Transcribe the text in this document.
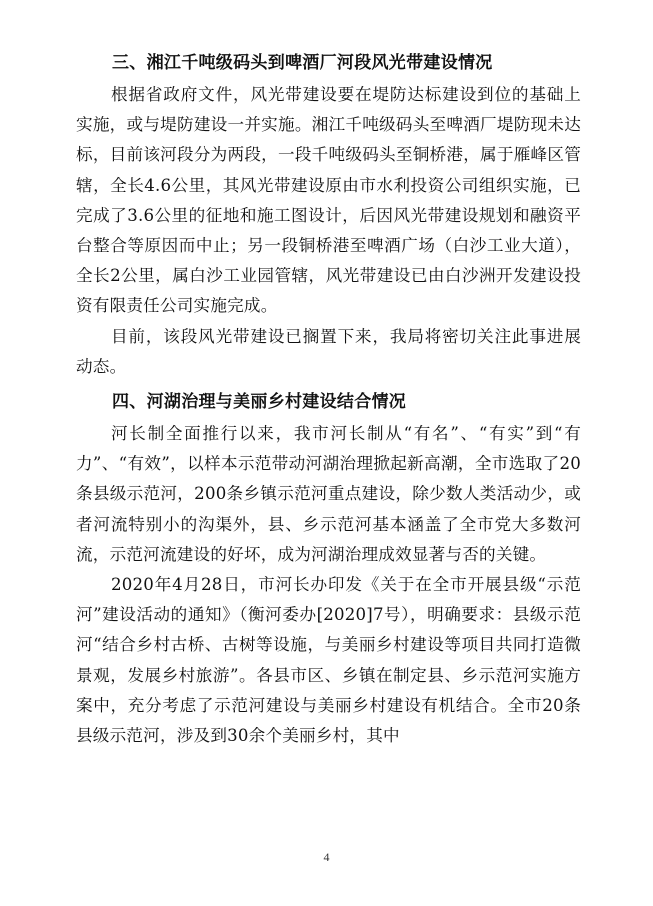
三、湘江千吨级码头到啤酒厂河段风光带建设情况

根据省政府文件，风光带建设要在堤防达标建设到位的基础上实施，或与堤防建设一并实施。湘江千吨级码头至啤酒厂堤防现未达标，目前该河段分为两段，一段千吨级码头至铜桥港，属于雁峰区管辖，全长4.6公里，其风光带建设原由市水利投资公司组织实施，已完成了3.6公里的征地和施工图设计，后因风光带建设规划和融资平台整合等原因而中止；另一段铜桥港至啤酒广场（白沙工业大道），全长2公里，属白沙工业园管辖，风光带建设已由白沙洲开发建设投资有限责任公司实施完成。

目前，该段风光带建设已搁置下来，我局将密切关注此事进展动态。

四、河湖治理与美丽乡村建设结合情况

河长制全面推行以来，我市河长制从“有名”、“有实”到“有力”、“有效”，以样本示范带动河湖治理掀起新高潮，全市选取了20条县级示范河，200条乡镇示范河重点建设，除少数人类活动少，或者河流特别小的沟渠外，县、乡示范河基本涵盖了全市党大多数河流，示范河流建设的好坏，成为河湖治理成效显著与否的关键。

2020年4月28日，市河长办印发《关于在全市开展县级“示范河”建设活动的通知》（衡河委办[2020]7号），明确要求：县级示范河“结合乡村古桥、古树等设施，与美丽乡村建设等项目共同打造微景观，发展乡村旅游”。各县市区、乡镇在制定县、乡示范河实施方案中，充分考虑了示范河建设与美丽乡村建设有机结合。全市20条县级示范河，涉及到30余个美丽乡村，其中

4
